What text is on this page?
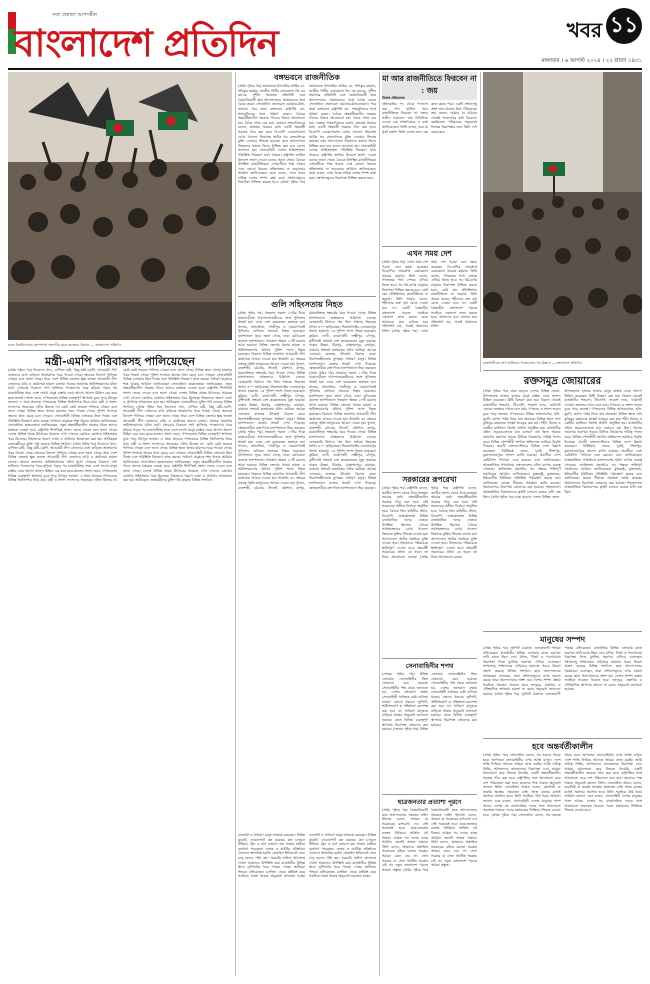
সত্য প্রকাশে আপসহীন
বাংলাদেশ প্রতিদিন	খবর ১১
মঙ্গলবার । ৬ আগস্ট ২০২৪ । ২২ শ্রাবণ ১৪৩১
ঢাকা বিশ্ববিদ্যালয় ক্যাম্পাসে শতাব্দীর ছাত্র-জনতার উল্লাস — বাংলাদেশ প্রতিদিন
মন্ত্রী-এমপি পরিবারসহ পালিয়েছেন
(প্রথম পৃষ্ঠার পর) নিবেদনে খাদ্য, বাণিজ্য মন্ত্রী, কিছু মন্ত্রী-এমপি, আওয়ামী লীগ নেতাদের বাসা বাড়িতে আক্রমণের খবর পাওয়া গেছে। অনেকে বিদেশে পালিয়ে গেছেন বলে জানা গেছে। সারা দেশে বিভিন্ন জেলায় ক্ষুব্ধ জনতা আওয়ামী লীগ নেতাদের বাড়ি ও কার্যালয়ে হামলা চালায়। অনেক জায়গায় অগ্নিসংযোগের ঘটনা ঘটে। সোমবার বিকালে শেখ হাসিনার পদত্যাগের খবর ছড়িয়ে পড়ার পর রাজধানীসহ সারা দেশে লাখো মানুষ রাস্তায় নেমে আসে। আনন্দ মিছিল বের করে ছাত্র-জনতা। সংসদ ভবন, গণভবনসহ বিভিন্ন গুরুত্বপূর্ণ স্থাপনায় ঢুকে পড়ে উৎসুক জনতা। এ সময় অনেকে গণভবনের বিভিন্ন জিনিসপত্র নিয়ে যায়। মন্ত্রী ও সংসদ সদস্যদের অনেকের খোঁজ মিলছে না। কেউ কেউ ভারতে পালিয়ে গেছেন বলে জানা গেছে। বিভিন্ন স্থানে থানায় হামলার খবর পাওয়া গেছে। পুলিশ সদস্যরা অনেক থানা ছেড়ে চলে গেছেন। সেনাবাহিনী বিভিন্ন এলাকায় টহল দিচ্ছে এবং পরিস্থিতি নিয়ন্ত্রণে কাজ করছে। সাধারণ মানুষকে শান্ত থাকার আহ্বান জানিয়েছেন সেনাপ্রধান। ছাত্রনেতারা জানিয়েছেন, নতুন অন্তর্বর্তীকালীন সরকার গঠনে তাদের মতামত নেওয়া হবে। রাষ্ট্রপতি শিগগিরই সংসদ ভেঙে দেবেন বলে জানা গেছে। দেশের বিভিন্ন প্রান্তে উৎসবের আমেজ দেখা গেলেও কোথাও কোথাও সহিংসতার খবর মিলেছে। নিহতদের স্মরণে দোয়া ও প্রার্থনার আয়োজন করা হয়। আটককৃত নেতাকর্মীদের মুক্তি দাবি করেছে বিভিন্ন সংগঠন। (প্রথম পৃষ্ঠার পর) নিবেদনে খাদ্য, বাণিজ্য মন্ত্রী, কিছু মন্ত্রী-এমপি, আওয়ামী লীগ নেতাদের বাসা বাড়িতে আক্রমণের খবর পাওয়া গেছে। অনেকে বিদেশে পালিয়ে গেছেন বলে জানা গেছে। সারা দেশে বিভিন্ন জেলায় ক্ষুব্ধ জনতা আওয়ামী লীগ নেতাদের বাড়ি ও কার্যালয়ে হামলা চালায়। অনেক জায়গায় অগ্নিসংযোগের ঘটনা ঘটে। সোমবার বিকালে শেখ হাসিনার পদত্যাগের খবর ছড়িয়ে পড়ার পর রাজধানীসহ সারা দেশে লাখো মানুষ রাস্তায় নেমে আসে। আনন্দ মিছিল বের করে ছাত্র-জনতা। সংসদ ভবন, গণভবনসহ বিভিন্ন গুরুত্বপূর্ণ স্থাপনায় ঢুকে পড়ে উৎসুক জনতা। এ সময় অনেকে গণভবনের বিভিন্ন জিনিসপত্র নিয়ে যায়। মন্ত্রী ও সংসদ সদস্যদের অনেকের খোঁজ মিলছে না। কেউ কেউ ভারতে পালিয়ে গেছেন বলে জানা গেছে। বিভিন্ন স্থানে থানায় হামলার খবর পাওয়া গেছে। পুলিশ সদস্যরা অনেক থানা ছেড়ে চলে গেছেন। সেনাবাহিনী বিভিন্ন এলাকায় টহল দিচ্ছে এবং পরিস্থিতি নিয়ন্ত্রণে কাজ করছে। সাধারণ মানুষকে শান্ত থাকার আহ্বান জানিয়েছেন সেনাপ্রধান। ছাত্রনেতারা জানিয়েছেন, নতুন অন্তর্বর্তীকালীন সরকার গঠনে তাদের মতামত নেওয়া হবে। রাষ্ট্রপতি শিগগিরই সংসদ ভেঙে দেবেন বলে জানা গেছে। দেশের বিভিন্ন প্রান্তে উৎসবের আমেজ দেখা গেলেও কোথাও কোথাও সহিংসতার খবর মিলেছে। নিহতদের স্মরণে দোয়া ও প্রার্থনার আয়োজন করা হয়। আটককৃত নেতাকর্মীদের মুক্তি দাবি করেছে বিভিন্ন সংগঠন। (প্রথম পৃষ্ঠার পর) নিবেদনে খাদ্য, বাণিজ্য মন্ত্রী, কিছু মন্ত্রী-এমপি, আওয়ামী লীগ নেতাদের বাসা বাড়িতে আক্রমণের খবর পাওয়া গেছে। অনেকে বিদেশে পালিয়ে গেছেন বলে জানা গেছে। সারা দেশে বিভিন্ন জেলায় ক্ষুব্ধ জনতা আওয়ামী লীগ নেতাদের বাড়ি ও কার্যালয়ে হামলা চালায়। অনেক জায়গায় অগ্নিসংযোগের ঘটনা ঘটে। সোমবার বিকালে শেখ হাসিনার পদত্যাগের খবর ছড়িয়ে পড়ার পর রাজধানীসহ সারা দেশে লাখো মানুষ রাস্তায় নেমে আসে। আনন্দ মিছিল বের করে ছাত্র-জনতা। সংসদ ভবন, গণভবনসহ বিভিন্ন গুরুত্বপূর্ণ স্থাপনায় ঢুকে পড়ে উৎসুক জনতা। এ সময় অনেকে গণভবনের বিভিন্ন জিনিসপত্র নিয়ে যায়। মন্ত্রী ও সংসদ সদস্যদের অনেকের খোঁজ মিলছে না। কেউ কেউ ভারতে পালিয়ে গেছেন বলে জানা গেছে। বিভিন্ন স্থানে থানায় হামলার খবর পাওয়া গেছে। পুলিশ সদস্যরা অনেক থানা ছেড়ে চলে গেছেন। সেনাবাহিনী বিভিন্ন এলাকায় টহল দিচ্ছে এবং পরিস্থিতি নিয়ন্ত্রণে কাজ করছে। সাধারণ মানুষকে শান্ত থাকার আহ্বান জানিয়েছেন সেনাপ্রধান। ছাত্রনেতারা জানিয়েছেন, নতুন অন্তর্বর্তীকালীন সরকার গঠনে তাদের মতামত নেওয়া হবে। রাষ্ট্রপতি শিগগিরই সংসদ ভেঙে দেবেন বলে জানা গেছে। দেশের বিভিন্ন প্রান্তে উৎসবের আমেজ দেখা গেলেও কোথাও কোথাও সহিংসতার খবর মিলেছে। নিহতদের স্মরণে দোয়া ও প্রার্থনার আয়োজন করা হয়। আটককৃত নেতাকর্মীদের মুক্তি দাবি করেছে বিভিন্ন সংগঠন।
বঙ্গভবনে রাজনীতিক
(প্রথম পৃষ্ঠার পর) জামায়াতে ইসলামীর আমির ডা. শফিকুর রহমান, জাতীয় পার্টির চেয়ারম্যান জি এম কাদের, সুশীল সমাজের প্রতিনিধি এবং বৈষম্যবিরোধী ছাত্র আন্দোলনের সমন্বয়কদের সঙ্গে বৈঠক করেন সেনাপ্রধান জেনারেল ওয়াকার-উজ-জামান। পরে তারা বঙ্গভবনে রাষ্ট্রপতি মো. সাহাবুদ্দিনের সঙ্গে সাক্ষাৎ করেন। বৈঠকে অন্তর্বর্তীকালীন সরকার গঠনের বিষয়ে আলোচনা হয়। বৈঠক শেষে বের হয়ে নেতারা সাংবাদিকদের বলেন, দ্রুততম সময়ের মধ্যে একটি অন্তর্বর্তী সরকার গঠন করা হবে। বিএনপি চেয়ারপারসন বেগম খালেদা জিয়াসহ আটক সব রাজবন্দিকে মুক্তি দেওয়ার সিদ্ধান্ত হয়েছে। ছাত্র আন্দোলনে নিহতদের হত্যার বিচার নিশ্চিত করা হবে বলেও জানানো হয়। সেনাবাহিনী দেশের আইনশৃঙ্খলা পরিস্থিতি নিয়ন্ত্রণে মাঠে থাকবে। রাষ্ট্রপতি জাতির উদ্দেশে ভাষণ দেবেন বলেও জানা গেছে। বৈঠকে উপস্থিত রাজনীতিকরা দেশবাসীকে শান্ত থাকার এবং কোনো ধরনের সহিংসতায় না জড়ানোর আহ্বান জানিয়েছেন। তারা বলেন, এখন সবার দায়িত্ব দেশের সম্পদ রক্ষা করা। সংখ্যালঘুদের নিরাপত্তা নিশ্চিত করতে হবে। (প্রথম পৃষ্ঠার পর) জামায়াতে ইসলামীর আমির ডা. শফিকুর রহমান, জাতীয় পার্টির চেয়ারম্যান জি এম কাদের, সুশীল সমাজের প্রতিনিধি এবং বৈষম্যবিরোধী ছাত্র আন্দোলনের সমন্বয়কদের সঙ্গে বৈঠক করেন সেনাপ্রধান জেনারেল ওয়াকার-উজ-জামান। পরে তারা বঙ্গভবনে রাষ্ট্রপতি মো. সাহাবুদ্দিনের সঙ্গে সাক্ষাৎ করেন। বৈঠকে অন্তর্বর্তীকালীন সরকার গঠনের বিষয়ে আলোচনা হয়। বৈঠক শেষে বের হয়ে নেতারা সাংবাদিকদের বলেন, দ্রুততম সময়ের মধ্যে একটি অন্তর্বর্তী সরকার গঠন করা হবে। বিএনপি চেয়ারপারসন বেগম খালেদা জিয়াসহ আটক সব রাজবন্দিকে মুক্তি দেওয়ার সিদ্ধান্ত হয়েছে। ছাত্র আন্দোলনে নিহতদের হত্যার বিচার নিশ্চিত করা হবে বলেও জানানো হয়। সেনাবাহিনী দেশের আইনশৃঙ্খলা পরিস্থিতি নিয়ন্ত্রণে মাঠে থাকবে। রাষ্ট্রপতি জাতির উদ্দেশে ভাষণ দেবেন বলেও জানা গেছে। বৈঠকে উপস্থিত রাজনীতিকরা দেশবাসীকে শান্ত থাকার এবং কোনো ধরনের সহিংসতায় না জড়ানোর আহ্বান জানিয়েছেন। তারা বলেন, এখন সবার দায়িত্ব দেশের সম্পদ রক্ষা করা। সংখ্যালঘুদের নিরাপত্তা নিশ্চিত করতে হবে।
গুলি সহিংসতায় নিহত
(প্রথম পৃষ্ঠার পর) গতকাল সকাল ১০টার দিকে যাত্রাবাড়ীতে আন্দোলনকারীদের সঙ্গে পুলিশের সংঘর্ষ হয়। এতে বেশ কয়েকজন হতাহত হন। সাভার, আশুলিয়া, গাজীপুর ও নারায়ণগঞ্জে পুলিশের গুলিতে অনেকে নিহত হয়েছেন। হাসপাতাল সূত্রে জানা গেছে, ঢাকা মেডিকেল কলেজ হাসপাতালে গতকাল অন্তত ২০টি মরদেহ আনা হয়েছে। বিভিন্ন জেলায় থানায় হামলা ও অগ্নিসংযোগের ঘটনায় পুলিশ সদস্য নিহত হয়েছেন। বিকালে বিভিন্ন জায়গায় আওয়ামী লীগ কার্যালয়ে আগুন দেওয়া হয়। ধানমন্ডি ৩২ নম্বরের বঙ্গবন্ধু স্মৃতি জাদুঘরেও আগুন দেওয়া হয়। খুলনা, রাজশাহী, চট্টগ্রাম, সিলেট, বরিশাল, রংপুর, ময়মনসিংহে সংঘর্ষের খবর পাওয়া গেছে। বিভিন্ন হাসপাতালে আহতদের চিকিৎসা চলছে। বেসরকারি হিসাবে গত তিন সপ্তাহে নিহতের সংখ্যা ৪০০ ছাড়িয়েছে। সিরাজগঞ্জের এনায়েতপুর থানায় হামলায় ১৩ পুলিশ সদস্য নিহত হয়েছেন। কুমিল্লা, ফেনী, নোয়াখালী, লক্ষ্মীপুর, চাঁদপুর, মুন্সীগঞ্জে সংঘর্ষে বেশ কয়েকজনের মৃত্যু হয়েছে। ঢাকার উত্তরা, মিরপুর, মোহাম্মদপুর, রামপুরা, বাড্ডায় সংঘর্ষে হতাহতের ঘটনা ঘটেছে। অনেক এলাকায় রাতভর উৎকণ্ঠা বিরাজ করে। নিরাপত্তাহীনতায় ভুগছেন সাধারণ মানুষ। বিভিন্ন হাসপাতালে রক্তের সংকট দেখা দিয়েছে। স্বেচ্ছাসেবীরা রক্ত দিতে হাসপাতালে ভিড় করছেন। (প্রথম পৃষ্ঠার পর) গতকাল সকাল ১০টার দিকে যাত্রাবাড়ীতে আন্দোলনকারীদের সঙ্গে পুলিশের সংঘর্ষ হয়। এতে বেশ কয়েকজন হতাহত হন। সাভার, আশুলিয়া, গাজীপুর ও নারায়ণগঞ্জে পুলিশের গুলিতে অনেকে নিহত হয়েছেন। হাসপাতাল সূত্রে জানা গেছে, ঢাকা মেডিকেল কলেজ হাসপাতালে গতকাল অন্তত ২০টি মরদেহ আনা হয়েছে। বিভিন্ন জেলায় থানায় হামলা ও অগ্নিসংযোগের ঘটনায় পুলিশ সদস্য নিহত হয়েছেন। বিকালে বিভিন্ন জায়গায় আওয়ামী লীগ কার্যালয়ে আগুন দেওয়া হয়। ধানমন্ডি ৩২ নম্বরের বঙ্গবন্ধু স্মৃতি জাদুঘরেও আগুন দেওয়া হয়। খুলনা, রাজশাহী, চট্টগ্রাম, সিলেট, বরিশাল, রংপুর, ময়মনসিংহে সংঘর্ষের খবর পাওয়া গেছে। বিভিন্ন হাসপাতালে আহতদের চিকিৎসা চলছে। বেসরকারি হিসাবে গত তিন সপ্তাহে নিহতের সংখ্যা ৪০০ ছাড়িয়েছে। সিরাজগঞ্জের এনায়েতপুর থানায় হামলায় ১৩ পুলিশ সদস্য নিহত হয়েছেন। কুমিল্লা, ফেনী, নোয়াখালী, লক্ষ্মীপুর, চাঁদপুর, মুন্সীগঞ্জে সংঘর্ষে বেশ কয়েকজনের মৃত্যু হয়েছে। ঢাকার উত্তরা, মিরপুর, মোহাম্মদপুর, রামপুরা, বাড্ডায় সংঘর্ষে হতাহতের ঘটনা ঘটেছে। অনেক এলাকায় রাতভর উৎকণ্ঠা বিরাজ করে। নিরাপত্তাহীনতায় ভুগছেন সাধারণ মানুষ। বিভিন্ন হাসপাতালে রক্তের সংকট দেখা দিয়েছে। স্বেচ্ছাসেবীরা রক্ত দিতে হাসপাতালে ভিড় করছেন। (প্রথম পৃষ্ঠার পর) গতকাল সকাল ১০টার দিকে যাত্রাবাড়ীতে আন্দোলনকারীদের সঙ্গে পুলিশের সংঘর্ষ হয়। এতে বেশ কয়েকজন হতাহত হন। সাভার, আশুলিয়া, গাজীপুর ও নারায়ণগঞ্জে পুলিশের গুলিতে অনেকে নিহত হয়েছেন। হাসপাতাল সূত্রে জানা গেছে, ঢাকা মেডিকেল কলেজ হাসপাতালে গতকাল অন্তত ২০টি মরদেহ আনা হয়েছে। বিভিন্ন জেলায় থানায় হামলা ও অগ্নিসংযোগের ঘটনায় পুলিশ সদস্য নিহত হয়েছেন। বিকালে বিভিন্ন জায়গায় আওয়ামী লীগ কার্যালয়ে আগুন দেওয়া হয়। ধানমন্ডি ৩২ নম্বরের বঙ্গবন্ধু স্মৃতি জাদুঘরেও আগুন দেওয়া হয়। খুলনা, রাজশাহী, চট্টগ্রাম, সিলেট, বরিশাল, রংপুর, ময়মনসিংহে সংঘর্ষের খবর পাওয়া গেছে। বিভিন্ন হাসপাতালে আহতদের চিকিৎসা চলছে। বেসরকারি হিসাবে গত তিন সপ্তাহে নিহতের সংখ্যা ৪০০ ছাড়িয়েছে। সিরাজগঞ্জের এনায়েতপুর থানায় হামলায় ১৩ পুলিশ সদস্য নিহত হয়েছেন। কুমিল্লা, ফেনী, নোয়াখালী, লক্ষ্মীপুর, চাঁদপুর, মুন্সীগঞ্জে সংঘর্ষে বেশ কয়েকজনের মৃত্যু হয়েছে। ঢাকার উত্তরা, মিরপুর, মোহাম্মদপুর, রামপুরা, বাড্ডায় সংঘর্ষে হতাহতের ঘটনা ঘটেছে। অনেক এলাকায় রাতভর উৎকণ্ঠা বিরাজ করে। নিরাপত্তাহীনতায় ভুগছেন সাধারণ মানুষ। বিভিন্ন হাসপাতালে রক্তের সংকট দেখা দিয়েছে। স্বেচ্ছাসেবীরা রক্ত দিতে হাসপাতালে ভিড় করছেন।
ব্যবসায়ী ও সাধারণ মানুষ আতঙ্কে রয়েছেন। বিভিন্ন মার্কেট, দোকানপাট বন্ধ রয়েছে। যান চলাচল সীমিত। ট্রেন ও বাস চলাচল বন্ধ থাকায় যাত্রীরা দুর্ভোগে পড়েছেন। ব্যাংক ও আর্থিক প্রতিষ্ঠানে লেনদেন স্বাভাবিক হয়নি। মোবাইল ইন্টারনেট সেবা চালু হলেও গতি কম। সরকারি অফিস আদালত খোলা থাকলেও উপস্থিতি কম। রাজধানীর বিভিন্ন স্থানে লুটপাটের খবর পাওয়া গেছে। স্থানীয়রা পাহারা বসিয়েছেন। মসজিদ থেকে মাইকিং করে সবাইকে সতর্ক থাকার অনুরোধ জানানো হচ্ছে। ব্যবসায়ী ও সাধারণ মানুষ আতঙ্কে রয়েছেন। বিভিন্ন মার্কেট, দোকানপাট বন্ধ রয়েছে। যান চলাচল সীমিত। ট্রেন ও বাস চলাচল বন্ধ থাকায় যাত্রীরা দুর্ভোগে পড়েছেন। ব্যাংক ও আর্থিক প্রতিষ্ঠানে লেনদেন স্বাভাবিক হয়নি। মোবাইল ইন্টারনেট সেবা চালু হলেও গতি কম। সরকারি অফিস আদালত খোলা থাকলেও উপস্থিতি কম। রাজধানীর বিভিন্ন স্থানে লুটপাটের খবর পাওয়া গেছে। স্থানীয়রা পাহারা বসিয়েছেন। মসজিদ থেকে মাইকিং করে সবাইকে সতর্ক থাকার অনুরোধ জানানো হচ্ছে।
মা আর রাজনীতিতে ফিরবেন না : জয়
নিজস্ব প্রতিবেদক
প্রধানমন্ত্রীর পদ থেকে পদত্যাগ করা শেখ হাসিনা আর রাজনীতিতে ফিরবেন না। সন্তান সজীব ওয়াজেদ জয় বিবিসিকে দেওয়া এক সাক্ষাৎকারে এ কথা জানিয়েছেন। তিনি বলেন, তার মা খুবই হতাশ। তিনি দেশের জন্য এত কাজ করার পরও একটি সংখ্যালঘু অংশ তার বিরুদ্ধে উঠে দাঁড়িয়েছে। জয় বলেন, আমার মা রবিবার থেকেই পদত্যাগের কথা বিবেচনা করছিলেন। পরিবারের অনুরোধে নিজের নিরাপত্তার জন্য তিনি দেশ ছেড়েছেন।
এখন সময় দেশ
(প্রথম পৃষ্ঠার পর) 'এখন সময় দেশ গড়ার' বলে মন্তব্য করেছেন বিএনপির ভারপ্রাপ্ত চেয়ারম্যান তারেক রহমান। তিনি বলেন, গণতন্ত্রের পথে দেশকে এগিয়ে নিতে হবে। সব ধর্ম-বর্ণের মানুষের নিরাপত্তা নিশ্চিত করতে হবে। কেউ যেন প্রতিহিংসার রাজনীতিতে না জড়ায়। তিনি আরও বলেন, শহীদদের রক্ত বৃথা যেতে দেওয়া হবে না। একটি বৈষম্যহীন বাংলাদেশ গড়তে সবাইকে একসঙ্গে কাজ করতে হবে। আমাদের মনে রাখতে হবে প্রতিশোধ নয়, ঐক্যই আমাদের শক্তি। (প্রথম পৃষ্ঠার পর) 'এখন সময় দেশ গড়ার' বলে মন্তব্য করেছেন বিএনপির ভারপ্রাপ্ত চেয়ারম্যান তারেক রহমান। তিনি বলেন, গণতন্ত্রের পথে দেশকে এগিয়ে নিতে হবে। সব ধর্ম-বর্ণের মানুষের নিরাপত্তা নিশ্চিত করতে হবে। কেউ যেন প্রতিহিংসার রাজনীতিতে না জড়ায়। তিনি আরও বলেন, শহীদদের রক্ত বৃথা যেতে দেওয়া হবে না। একটি বৈষম্যহীন বাংলাদেশ গড়তে সবাইকে একসঙ্গে কাজ করতে হবে। আমাদের মনে রাখতে হবে প্রতিশোধ নয়, ঐক্যই আমাদের শক্তি।
সরকারের রূপরেখা
(প্রথম পৃষ্ঠার পর) রাষ্ট্রপতি বলেন, জাতীয় সংসদ ভেঙে দিয়ে দ্রুততম সময়ের মধ্যে অন্তর্বর্তীকালীন সরকার গঠন করা হবে। সেই সরকারের অধীনে নির্বাচন অনুষ্ঠিত হবে। বৈঠকে তিন বাহিনীর প্রধান, বিএনপি, জামায়াতসহ বিভিন্ন রাজনৈতিক দলের নেতারা উপস্থিত ছিলেন। বৈঠকে সর্বসম্মতভাবে বেগম খালেদা জিয়াকে মুক্তির সিদ্ধান্ত নেওয়া হয়। আন্দোলনে আটক সবাইকে মুক্তি দেওয়া হবে। নিহতদের পরিবারকে ক্ষতিপূরণ দেওয়া হবে। অন্তর্বর্তী সরকারের প্রধান কে হবেন তা নিয়ে আলোচনা চলছে। (প্রথম পৃষ্ঠার পর) রাষ্ট্রপতি বলেন, জাতীয় সংসদ ভেঙে দিয়ে দ্রুততম সময়ের মধ্যে অন্তর্বর্তীকালীন সরকার গঠন করা হবে। সেই সরকারের অধীনে নির্বাচন অনুষ্ঠিত হবে। বৈঠকে তিন বাহিনীর প্রধান, বিএনপি, জামায়াতসহ বিভিন্ন রাজনৈতিক দলের নেতারা উপস্থিত ছিলেন। বৈঠকে সর্বসম্মতভাবে বেগম খালেদা জিয়াকে মুক্তির সিদ্ধান্ত নেওয়া হয়। আন্দোলনে আটক সবাইকে মুক্তি দেওয়া হবে। নিহতদের পরিবারকে ক্ষতিপূরণ দেওয়া হবে। অন্তর্বর্তী সরকারের প্রধান কে হবেন তা নিয়ে আলোচনা চলছে।
সেনাবাহিনীর শপথ
(শেষের পৃষ্ঠার পর) বিভিন্ন এলাকায় সেনাবাহিনীর টহল জোরদার করা হয়েছে। সেনাবাহিনীর পক্ষ থেকে জানানো হয়, দেশের জানমাল রক্ষায় সেনাবাহিনী সর্বাত্মক চেষ্টা চালিয়ে যাচ্ছে। কোনো ধরনের লুটপাট, অগ্নিসংযোগ বা সহিংসতা বরদাশত করা হবে না। সাধারণ মানুষকে বাড়িতে থাকার অনুরোধ জানানো হয়েছে। রাতে বিভিন্ন গুরুত্বপূর্ণ স্থাপনায় নিরাপত্তা জোরদার করা হয়েছে। (শেষের পৃষ্ঠার পর) বিভিন্ন এলাকায় সেনাবাহিনীর টহল জোরদার করা হয়েছে। সেনাবাহিনীর পক্ষ থেকে জানানো হয়, দেশের জানমাল রক্ষায় সেনাবাহিনী সর্বাত্মক চেষ্টা চালিয়ে যাচ্ছে। কোনো ধরনের লুটপাট, অগ্নিসংযোগ বা সহিংসতা বরদাশত করা হবে না। সাধারণ মানুষকে বাড়িতে থাকার অনুরোধ জানানো হয়েছে। রাতে বিভিন্ন গুরুত্বপূর্ণ স্থাপনায় নিরাপত্তা জোরদার করা হয়েছে।
ছাত্রজনতার প্রত্যাশা পূরণে
(প্রথম পৃষ্ঠার পর) বৈষম্যবিরোধী ছাত্র আন্দোলনের সমন্বয়ক নাহিদ ইসলাম বলেন, আমরা যে সরকারের রূপরেখা দেব সেই সরকারই হবে। ছাত্র-জনতার রক্তের বিনিময়ে অর্জিত এই বিজয়। আমরা সব দলের কাছে আহ্বান জানাই সংযত থাকার। তিনি বলেন, আমাদের প্রস্তাবিত সরকারের বাইরে কোনো সরকার আমরা মেনে নেব না। সেনা সরকার বা সেনা সমর্থিত সরকার চাই না। নতুন বাংলাদেশ গড়তে আমরা প্রস্তুত। (প্রথম পৃষ্ঠার পর) বৈষম্যবিরোধী ছাত্র আন্দোলনের সমন্বয়ক নাহিদ ইসলাম বলেন, আমরা যে সরকারের রূপরেখা দেব সেই সরকারই হবে। ছাত্র-জনতার রক্তের বিনিময়ে অর্জিত এই বিজয়। আমরা সব দলের কাছে আহ্বান জানাই সংযত থাকার। তিনি বলেন, আমাদের প্রস্তাবিত সরকারের বাইরে কোনো সরকার আমরা মেনে নেব না। সেনা সরকার বা সেনা সমর্থিত সরকার চাই না। নতুন বাংলাদেশ গড়তে আমরা প্রস্তুত।
রাজধানীতে শেখ হাসিনার পদত্যাগের পর উল্লাস —বাংলাদেশ প্রতিদিন
রক্তসমুদ্র জোয়ারের
(প্রথম পৃষ্ঠার পর) ঢাকা ছাড়াও দেশের বিভিন্ন জেলা-উপজেলায় হাজার হাজার মানুষ রাস্তায় নেমে আনন্দ মিছিল করেছেন। মিষ্টি বিতরণ করা হয়। বিকাল থেকেই রাজধানীর শাহবাগ, টিএসসি, সায়েন্স ল্যাব, ফার্মগেট এলাকা জনতার দখলে চলে যায়। গণভবন ও সংসদ ভবনে ঢুকে পড়ে জনতা। গণভবনের বিভিন্ন আসবাবপত্র, হাঁস-মুরগি, ছাগল পর্যন্ত নিয়ে যায় অনেকে। বিভিন্ন স্থানে শেখ মুজিবুর রহমানের ভাস্কর্য ভাঙচুর করা হয়। শহীদ মিনার ও কেন্দ্রীয় মসজিদে বিশেষ প্রার্থনা অনুষ্ঠিত হয়। রাজধানীর প্রধান সড়কগুলোতে যান চলাচল বন্ধ ছিল। অনেক জায়গায় তরুণরা সড়কে ট্রাফিক নিয়ন্ত্রণের দায়িত্ব পালন করে। বিভিন্ন পেশাজীবী সংগঠন অভিনন্দন জানিয়ে বিবৃতি দিয়েছে। প্রবাসী বাংলাদেশিরাও বিভিন্ন দেশে উল্লাস করেছেন। নিউইয়র্ক, লন্ডন, দুবাই, সিঙ্গাপুর, কুয়ালালামপুরে আনন্দ র‍্যালি হয়েছে। প্রবাসীরা দেশে রেমিট্যান্স পাঠানো শুরু করবেন বলে জানিয়েছেন। আন্তর্জাতিক গণমাধ্যমে বাংলাদেশের ঘটনা ব্যাপক গুরুত্ব পেয়েছে। জাতিসংঘ মহাসচিব সব পক্ষকে শান্তিপূর্ণ সমাধানের আহ্বান জানিয়েছেন। যুক্তরাষ্ট্র, যুক্তরাজ্য, ইউরোপীয় ইউনিয়ন পরিস্থিতি পর্যবেক্ষণ করছে বলে জানিয়েছে। ভারত সীমান্তে সতর্কতা জারি করেছে। বিমানবন্দরে নিরাপত্তা জোরদার করা হয়েছে। শাহজালাল আন্তর্জাতিক বিমানবন্দরে ফ্লাইট চলাচল কয়েক ঘণ্টা বন্ধ ছিল। (প্রথম পৃষ্ঠার পর) ঢাকা ছাড়াও দেশের বিভিন্ন জেলা-উপজেলায় হাজার হাজার মানুষ রাস্তায় নেমে আনন্দ মিছিল করেছেন। মিষ্টি বিতরণ করা হয়। বিকাল থেকেই রাজধানীর শাহবাগ, টিএসসি, সায়েন্স ল্যাব, ফার্মগেট এলাকা জনতার দখলে চলে যায়। গণভবন ও সংসদ ভবনে ঢুকে পড়ে জনতা। গণভবনের বিভিন্ন আসবাবপত্র, হাঁস-মুরগি, ছাগল পর্যন্ত নিয়ে যায় অনেকে। বিভিন্ন স্থানে শেখ মুজিবুর রহমানের ভাস্কর্য ভাঙচুর করা হয়। শহীদ মিনার ও কেন্দ্রীয় মসজিদে বিশেষ প্রার্থনা অনুষ্ঠিত হয়। রাজধানীর প্রধান সড়কগুলোতে যান চলাচল বন্ধ ছিল। অনেক জায়গায় তরুণরা সড়কে ট্রাফিক নিয়ন্ত্রণের দায়িত্ব পালন করে। বিভিন্ন পেশাজীবী সংগঠন অভিনন্দন জানিয়ে বিবৃতি দিয়েছে। প্রবাসী বাংলাদেশিরাও বিভিন্ন দেশে উল্লাস করেছেন। নিউইয়র্ক, লন্ডন, দুবাই, সিঙ্গাপুর, কুয়ালালামপুরে আনন্দ র‍্যালি হয়েছে। প্রবাসীরা দেশে রেমিট্যান্স পাঠানো শুরু করবেন বলে জানিয়েছেন। আন্তর্জাতিক গণমাধ্যমে বাংলাদেশের ঘটনা ব্যাপক গুরুত্ব পেয়েছে। জাতিসংঘ মহাসচিব সব পক্ষকে শান্তিপূর্ণ সমাধানের আহ্বান জানিয়েছেন। যুক্তরাষ্ট্র, যুক্তরাজ্য, ইউরোপীয় ইউনিয়ন পরিস্থিতি পর্যবেক্ষণ করছে বলে জানিয়েছে। ভারত সীমান্তে সতর্কতা জারি করেছে। বিমানবন্দরে নিরাপত্তা জোরদার করা হয়েছে। শাহজালাল আন্তর্জাতিক বিমানবন্দরে ফ্লাইট চলাচল কয়েক ঘণ্টা বন্ধ ছিল।
মানুষের সম্পদ
(প্রথম পৃষ্ঠার পর) লুটপাট ঠেকাতে এলাকাবাসী পাহারা বসিয়েছেন। রাজধানীর বিভিন্ন এলাকায় রাতে তরুণরা লাঠি হাতে টহল দেন। মন্দির, গির্জা ও প্যাগোডায় নিরাপত্তা দিতে মুসলিম তরুণরা এগিয়ে এসেছেন। সংখ্যালঘু সম্প্রদায়ের বাড়িঘরে হামলার খবরে উদ্বেগ প্রকাশ করেছে বিভিন্ন সংগঠন। ছাত্র আন্দোলনের সমন্বয়করা বলেছেন, যারা সংখ্যালঘুদের ওপর হামলা করছে তারা আন্দোলনের অংশ নয়। দেশের সম্পদ রক্ষায় সবাইকে সচেতন থাকতে হবে। জাদুঘর, গ্রন্থাগার ও ঐতিহাসিক স্থাপনায় হামলা না করার অনুরোধ জানানো হয়েছে। (প্রথম পৃষ্ঠার পর) লুটপাট ঠেকাতে এলাকাবাসী পাহারা বসিয়েছেন। রাজধানীর বিভিন্ন এলাকায় রাতে তরুণরা লাঠি হাতে টহল দেন। মন্দির, গির্জা ও প্যাগোডায় নিরাপত্তা দিতে মুসলিম তরুণরা এগিয়ে এসেছেন। সংখ্যালঘু সম্প্রদায়ের বাড়িঘরে হামলার খবরে উদ্বেগ প্রকাশ করেছে বিভিন্ন সংগঠন। ছাত্র আন্দোলনের সমন্বয়করা বলেছেন, যারা সংখ্যালঘুদের ওপর হামলা করছে তারা আন্দোলনের অংশ নয়। দেশের সম্পদ রক্ষায় সবাইকে সচেতন থাকতে হবে। জাদুঘর, গ্রন্থাগার ও ঐতিহাসিক স্থাপনায় হামলা না করার অনুরোধ জানানো হয়েছে।
হবে অন্তর্বর্তীকালীন
(প্রথম পৃষ্ঠার পর) সেনাপ্রধান বলেন, সব হত্যার বিচার হবে। আপনারা সেনাবাহিনীর ওপর আস্থা রাখুন। দেশে শান্তি ফিরিয়ে আনতে আমরা কাজ করছি। আমি দায়িত্ব নিচ্ছি, আপনাদের জানমালের নিরাপত্তা দেব। আমরা আলোচনা করে সিদ্ধান্ত নিয়েছি, একটি অন্তর্বর্তীকালীন সরকার গঠন করা হবে। রাষ্ট্রপতির সঙ্গে আলোচনা করে দেশ পরিচালনা করা হবে। ছাত্রদের শান্ত থাকার অনুরোধ জানান তিনি। সেনাপ্রধান আরও বলেন, কারফিউ বা জরুরি অবস্থার প্রয়োজন নেই। আজ রাতের মধ্যেই সমস্যার সমাধান হবে। তিনি সবাইকে ধৈর্য ধরার আহ্বান জানান এবং বলেন, সেনাবাহিনী দেশের মানুষের পাশে আছে। দেশের সব রাজনৈতিক দলের সঙ্গে আলোচনা অব্যাহত থাকবে। সবার মতামতের ভিত্তিতে সিদ্ধান্ত নেওয়া হবে। (প্রথম পৃষ্ঠার পর) সেনাপ্রধান বলেন, সব হত্যার বিচার হবে। আপনারা সেনাবাহিনীর ওপর আস্থা রাখুন। দেশে শান্তি ফিরিয়ে আনতে আমরা কাজ করছি। আমি দায়িত্ব নিচ্ছি, আপনাদের জানমালের নিরাপত্তা দেব। আমরা আলোচনা করে সিদ্ধান্ত নিয়েছি, একটি অন্তর্বর্তীকালীন সরকার গঠন করা হবে। রাষ্ট্রপতির সঙ্গে আলোচনা করে দেশ পরিচালনা করা হবে। ছাত্রদের শান্ত থাকার অনুরোধ জানান তিনি। সেনাপ্রধান আরও বলেন, কারফিউ বা জরুরি অবস্থার প্রয়োজন নেই। আজ রাতের মধ্যেই সমস্যার সমাধান হবে। তিনি সবাইকে ধৈর্য ধরার আহ্বান জানান এবং বলেন, সেনাবাহিনী দেশের মানুষের পাশে আছে। দেশের সব রাজনৈতিক দলের সঙ্গে আলোচনা অব্যাহত থাকবে। সবার মতামতের ভিত্তিতে সিদ্ধান্ত নেওয়া হবে।
